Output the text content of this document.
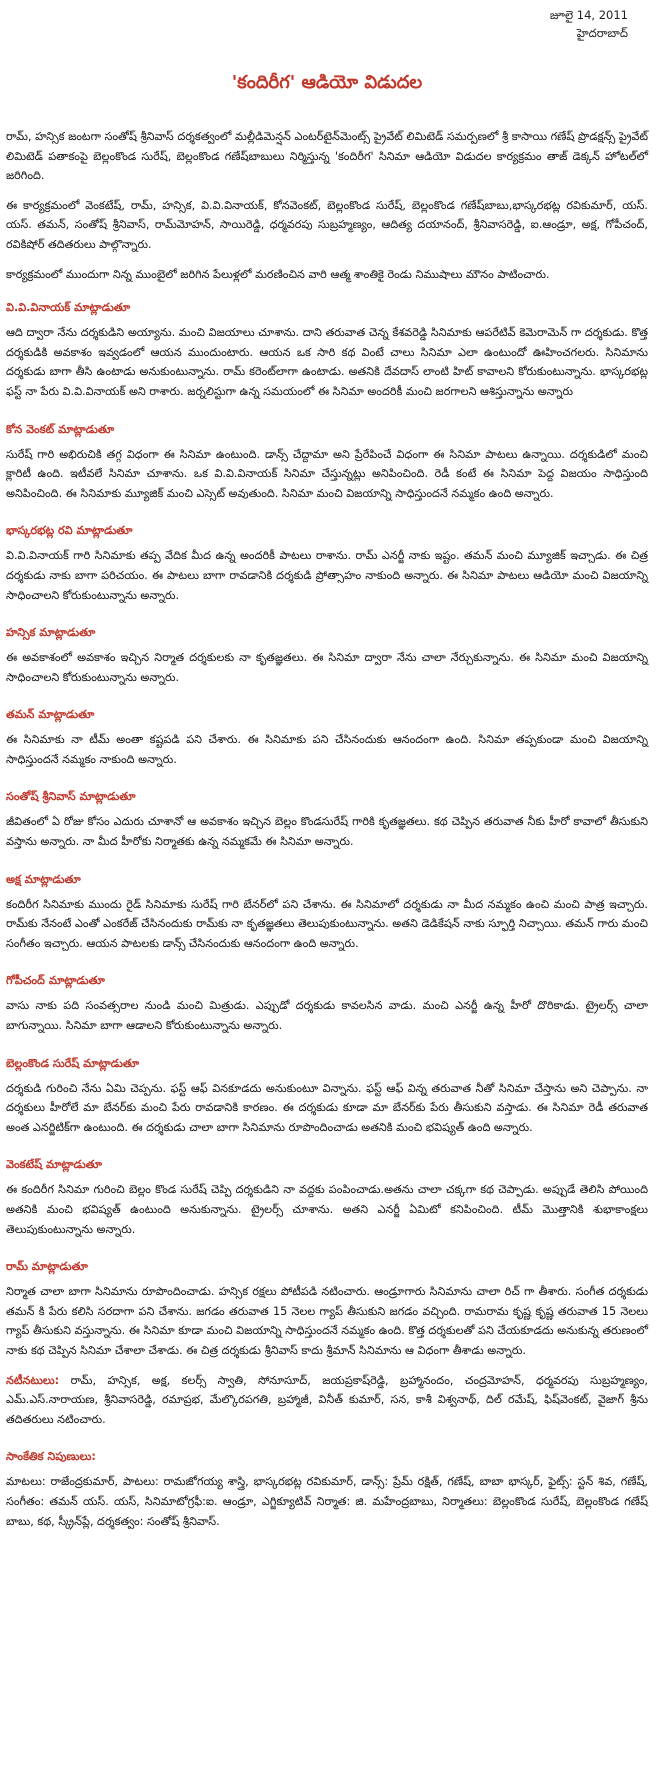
జూలై 14, 2011
హైదరాబాద్
'కందిరీగ' ఆడియో విడుదల

రామ్, హన్సిక జంటగా సంతోష్ శ్రీనివాస్ దర్శకత్వంలో మల్లీడిమెన్షన్ ఎంటర్‌టైన్‌మెంట్స్ ప్రైవేట్ లిమిటెడ్ సమర్పణలో శ్రీ కాసాయి గణేష్ ప్రొడక్షన్స్ ప్రైవేట్ లిమిటెడ్ పతాకంపై బెల్లంకొండ సురేష్, బెల్లంకొండ గణేష్‌బాబులు నిర్మిస్తున్న 'కందిరీగ' సినిమా ఆడియో విడుదల కార్యక్రమం తాజ్ డెక్కన్ హోటల్‌లో జరిగింది.

ఈ కార్యక్రమంలో వెంకటేష్, రామ్, హన్సిక, వి.వి.వినాయక్, కోనవెంకట్, బెల్లంకొండ సురేష్, బెల్లంకొండ గణేష్‌బాబు,భాస్కరభట్ల రవికుమార్, యస్. యస్. తమన్, సంతోష్ శ్రీనివాస్, రామ్‌మోహన్, సాయిరెడ్డి, ధర్మవరపు సుబ్రహ్మణ్యం, ఆదిత్య దయానంద్, శ్రీనివాసరెడ్డి, ఐ.ఆండ్రూ, అక్ష, గోపీచంద్, రవికిషోర్ తదితరులు పాల్గొన్నారు.

కార్యక్రమంలో ముందుగా నిన్న ముంబైలో జరిగిన పేలుళ్లలో మరణించిన వారి ఆత్మ శాంతికై రెండు నిముషాలు మౌనం పాటించారు.

వి.వి.వినాయక్ మాట్లాడుతూ

ఆది ద్వారా నేను దర్శకుడిని అయ్యాను. మంచి విజయాలు చూశాను. దాని తరువాత చెన్న కేశవరెడ్డి సినిమాకు ఆపరేటివ్ కెమెరామెన్ గా దర్శకుడు. కొత్త దర్శకుడికి అవకాశం ఇవ్వడంలో ఆయన ముందుంటారు. ఆయన ఒక సారి కథ వింటే చాలు సినిమా ఎలా ఉంటుందో ఊహించగలరు. సినిమాను దర్శకుడు బాగా తీసి ఉంటాడు అనుకుంటున్నాను. రామ్ కరెంట్‌లాగా ఉంటాడు. అతనికి దేవదాస్ లాంటి హిట్ కావాలని కోరుకుంటున్నాను. భాస్కరభట్ల ఫస్ట్ నా పేరు వి.వి.వినాయక్ అని రాశారు. జర్నలిస్టుగా ఉన్న సమయంలో ఈ సినిమా అందరికీ మంచి జరగాలని ఆశిస్తున్నాను అన్నారు

కోన వెంకట్ మాట్లాడుతూ

సురేష్ గారి అభిరుచికి తగ్గ విధంగా ఈ సినిమా ఉంటుంది. డాన్స్ చేద్దామా అని ప్రేరేపించే విధంగా ఈ సినిమా పాటలు ఉన్నాయి. దర్శకుడిలో మంచి క్లారిటీ ఉంది. ఇటీవలే సినిమా చూశాను. ఒక వి.వి.వినాయక్ సినిమా చేస్తున్నట్లు అనిపించింది. రెడీ కంటే ఈ సినిమా పెద్ద విజయం సాధిస్తుంది అనిపించింది. ఈ సినిమాకు మ్యూజిక్ మంచి ఎస్సెట్ అవుతుంది. సినిమా మంచి విజయాన్ని సాధిస్తుందనే నమ్మకం ఉంది అన్నారు.

భాస్కరభట్ల రవి మాట్లాడుతూ

వి.వి.వినాయక్ గారి సినిమాకు తప్ప వేదిక మీద ఉన్న అందరికీ పాటలు రాశాను. రామ్ ఎనర్జీ నాకు ఇష్టం. తమన్ మంచి మ్యూజిక్ ఇచ్చాడు. ఈ చిత్ర దర్శకుడు నాకు బాగా పరిచయం. ఈ పాటలు బాగా రావడానికి దర్శకుడి ప్రోత్సాహం నాకుంది అన్నారు. ఈ సినిమా పాటలు ఆడియో మంచి విజయాన్ని సాధించాలని కోరుకుంటున్నాను అన్నారు.

హన్సిక మాట్లాడుతూ

ఈ అవకాశంలో అవకాశం ఇచ్చిన నిర్మాత దర్శకులకు నా కృతజ్ఞతలు. ఈ సినిమా ద్వారా నేను చాలా నేర్చుకున్నాను. ఈ సినిమా మంచి విజయాన్ని సాధించాలని కోరుకుంటున్నాను అన్నారు.

తమన్ మాట్లాడుతూ

ఈ సినిమాకు నా టీమ్ అంతా కష్టపడి పని చేశారు. ఈ సినిమాకు పని చేసినందుకు ఆనందంగా ఉంది. సినిమా తప్పకుండా మంచి విజయాన్ని సాధిస్తుందనే నమ్మకం నాకుంది అన్నారు.

సంతోష్ శ్రీనివాస్ మాట్లాడుతూ

జీవితంలో ఏ రోజు కోసం ఎదురు చూశానో ఆ అవకాశం ఇచ్చిన బెల్లం కొండసురేష్ గారికి కృతజ్ఞతలు. కథ చెప్పిన తరువాత నీకు హీరో కావాలో తీసుకుని వస్తాను అన్నారు. నా మీద హీరోకు నిర్మాతకు ఉన్న నమ్మకమే ఈ సినిమా అన్నారు.

అక్ష మాట్లాడుతూ

కందిరీగ సినిమాకు ముందు రైడ్ సినిమాకు సురేష్ గారి బేనర్‌లో పని చేశాను. ఈ సినిమాలో దర్శకుడు నా మీద నమ్మకం ఉంచి మంచి పాత్ర ఇచ్చారు. రామ్‌కు నేనంటే ఎంతో ఎంకరేజ్ చేసినందుకు రామ్‌కు నా కృతజ్ఞతలు తెలుపుకుంటున్నాను. అతని డెడికేషన్ నాకు స్ఫూర్తి నిచ్చాయి. తమన్ గారు మంచి సంగీతం ఇచ్చారు. ఆయన పాటలకు డాన్స్ చేసినందుకు ఆనందంగా ఉంది అన్నారు.

గోపీచంద్ మాట్లాడుతూ

వాసు నాకు పది సంవత్సరాల నుండి మంచి మిత్రుడు. ఎప్పుడో దర్శకుడు కావలసిన వాడు. మంచి ఎనర్జీ ఉన్న హీరో దొరికాడు. ట్రైలర్స్ చాలా బాగున్నాయి. సినిమా బాగా ఆడాలని కోరుకుంటున్నాను అన్నారు.

బెల్లంకొండ సురేష్ మాట్లాడుతూ

దర్శకుడి గురించి నేను ఏమి చెప్పను. ఫస్ట్ ఆఫ్ వినకూడదు అనుకుంటూ విన్నాను. ఫస్ట్ ఆఫ్ విన్న తరువాత నీతో సినిమా చేస్తాను అని చెప్పాను. నా దర్శకులు హీరోలే మా బేనర్‌కు మంచి పేరు రావడానికి కారణం. ఈ దర్శకుడు కూడా మా బేనర్‌కు పేరు తీసుకుని వస్తాడు. ఈ సినిమా రెడీ తరువాత అంత ఎనర్జిటిక్‌గా ఉంటుంది. ఈ దర్శకుడు చాలా బాగా సినిమాను రూపొందించాడు అతనికి మంచి భవిష్యత్ ఉంది అన్నారు.

వెంకటేష్ మాట్లాడుతూ

ఈ కందిరీగ సినిమా గురించి బెల్లం కొండ సురేష్ చెప్పి దర్శకుడిని నా వద్దకు పంపించాడు.అతను చాలా చక్కగా కథ చెప్పాడు. అప్పుడే తెలిసి పోయింది అతనికి మంచి భవిష్యత్ ఉంటుంది అనుకున్నాను. ట్రైలర్స్ చూశాను. అతని ఎనర్జీ ఏమిటో కనిపించింది. టీమ్ మొత్తానికి శుభాకాంక్షలు తెలుపుకుంటున్నాను అన్నారు.

రామ్ మాట్లాడుతూ

నిర్మాత చాలా బాగా సినిమాను రూపొందించాడు. హన్సిక రక్షలు పోటీపడి నటించారు. ఆండ్రూగారు సినిమాను చాలా రిచ్ గా తీశారు. సంగీత దర్శకుడు తమన్ కి పేరు కలిసి సరదాగా పని చేశాను. జగడం తరువాత 15 నెలల గ్యాప్ తీసుకుని జగడం వచ్చింది. రామరామ కృష్ణ కృష్ణ తరువాత 15 నెలలు గ్యాప్ తీసుకుని వస్తున్నాను. ఈ సినిమా కూడా మంచి విజయాన్ని సాధిస్తుందనే నమ్మకం ఉంది. కొత్త దర్శకులతో పని చేయకూడదు అనుకున్న తరుణంలో నాకు కథ చెప్పిన సినిమా చేశాలా చేశాడు. ఈ చిత్ర దర్శకుడు శ్రీనివాస్ కాదు శ్రీమాన్ సినిమాను ఆ విధంగా తీశాడు అన్నారు.

నటీనటులు: రామ్, హన్సిక, అక్ష, కలర్స్ స్వాతి, సోనూసూద్, జయప్రకాష్‌రెడ్డి, బ్రహ్మానందం, చంద్రమోహన్, ధర్మవరపు సుబ్రహ్మణ్యం, ఎమ్.ఎస్.నారాయణ, శ్రీనివాసరెడ్డి, రమాప్రభ, మేల్కొరపగతి, బ్రహ్మాజీ, వినీత్ కుమార్, సన, కాశీ విశ్వనాథ్, దిల్ రమేష్, ఫిష్‌వెంకట్, వైజాగ్ శ్రీను తదితరులు నటించారు.

సాంకేతిక నిపుణులు:

మాటలు: రాజేంద్రకుమార్, పాటలు: రామజోగయ్య శాస్త్రి, భాస్కరభట్ల రవికుమార్, డాన్స్: ప్రేమ్ రక్షిత్, గణేష్, బాబా భాస్కర్, ఫైట్స్: స్టన్ శివ, గణేష్, సంగీతం: తమన్ యస్. యస్, సినిమాటోగ్రఫీ:ఐ. ఆండ్రూ, ఎగ్జిక్యూటివ్ నిర్మాత: జి. మహేంద్రబాబు, నిర్మాతలు: బెల్లంకొండ సురేష్, బెల్లంకొండ గణేష్ బాబు, కథ, స్క్రీన్‌ప్లే, దర్శకత్వం: సంతోష్ శ్రీనివాస్.
